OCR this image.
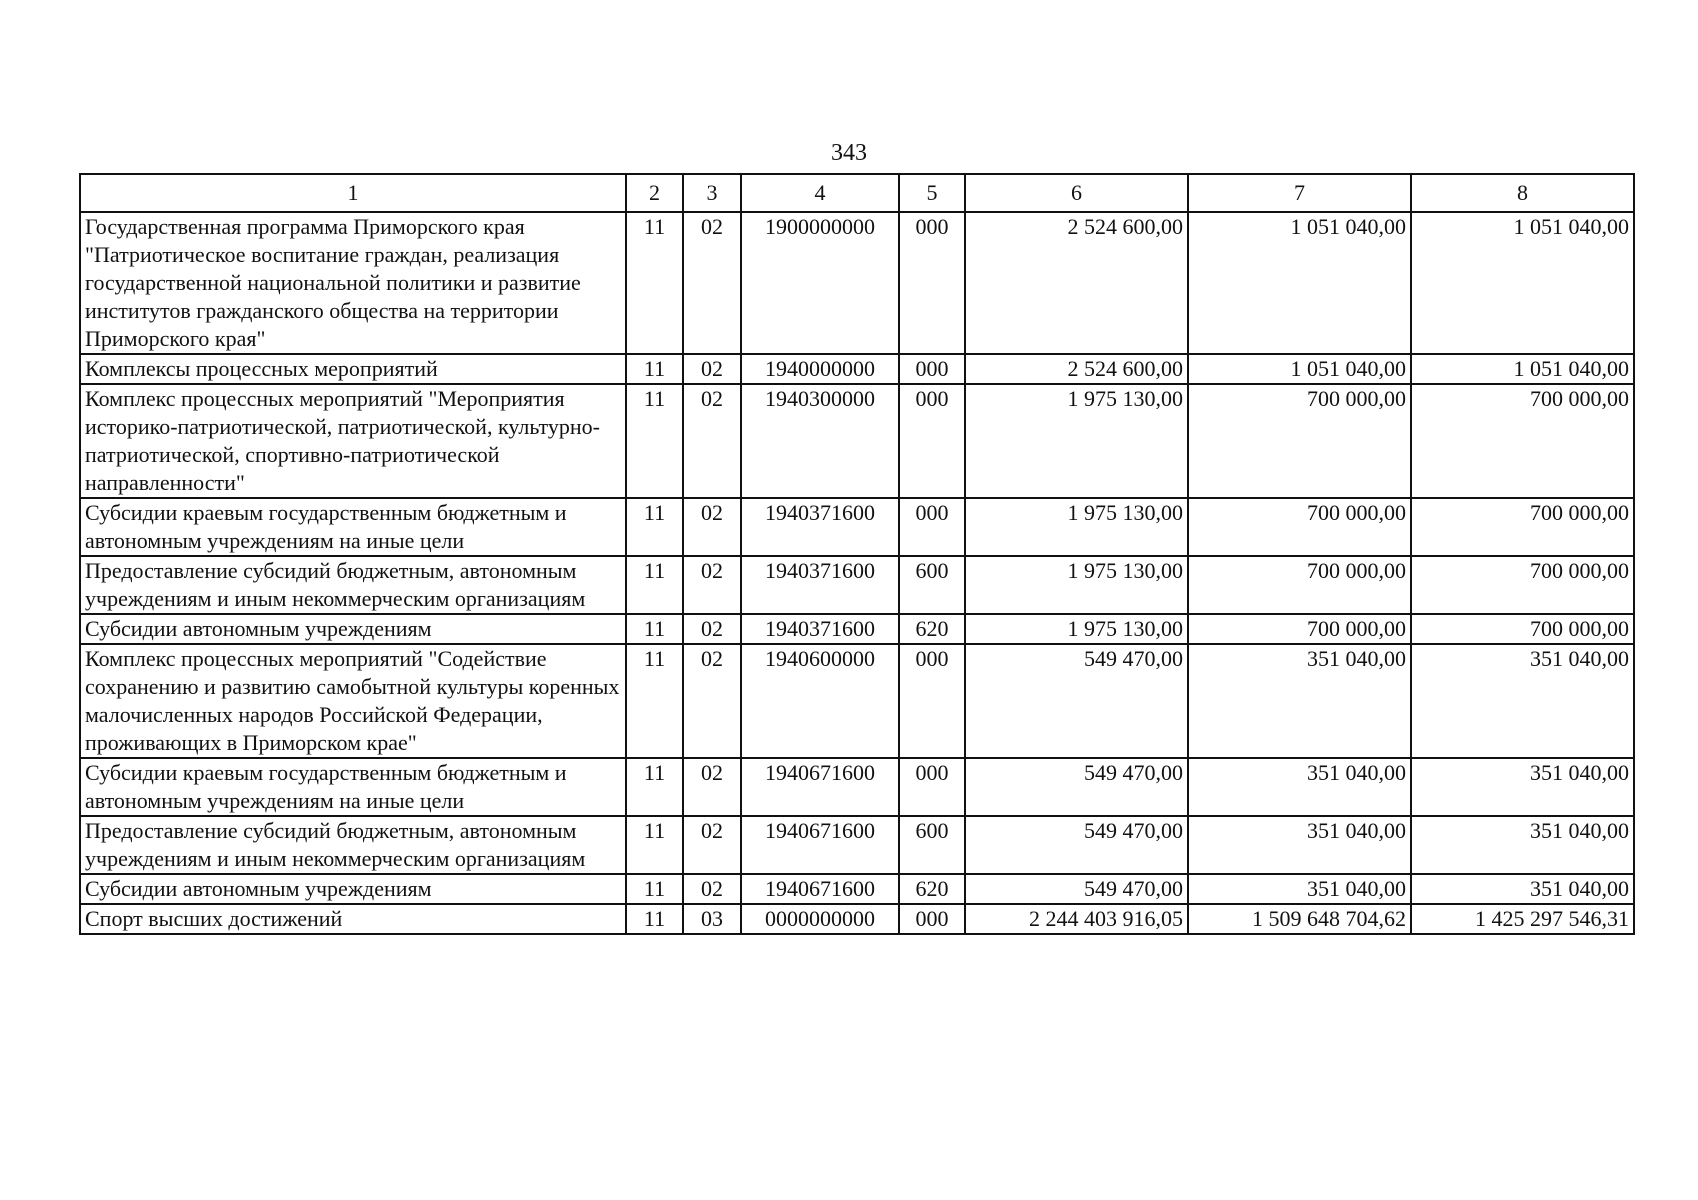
343
1	2	3	4	5	6	7	8
Государственная программа Приморского края "Патриотическое воспитание граждан, реализация государственной национальной политики и развитие институтов гражданского общества на территории Приморского края"	11	02	1900000000	000	2 524 600,00	1 051 040,00	1 051 040,00
Комплексы процессных мероприятий	11	02	1940000000	000	2 524 600,00	1 051 040,00	1 051 040,00
Комплекс процессных мероприятий "Мероприятия историко-патриотической, патриотической, культурно-патриотической, спортивно-патриотической направленности"	11	02	1940300000	000	1 975 130,00	700 000,00	700 000,00
Субсидии краевым государственным бюджетным и автономным учреждениям на иные цели	11	02	1940371600	000	1 975 130,00	700 000,00	700 000,00
Предоставление субсидий бюджетным, автономным учреждениям и иным некоммерческим организациям	11	02	1940371600	600	1 975 130,00	700 000,00	700 000,00
Субсидии автономным учреждениям	11	02	1940371600	620	1 975 130,00	700 000,00	700 000,00
Комплекс процессных мероприятий "Содействие сохранению и развитию самобытной культуры коренных малочисленных народов Российской Федерации, проживающих в Приморском крае"	11	02	1940600000	000	549 470,00	351 040,00	351 040,00
Субсидии краевым государственным бюджетным и автономным учреждениям на иные цели	11	02	1940671600	000	549 470,00	351 040,00	351 040,00
Предоставление субсидий бюджетным, автономным учреждениям и иным некоммерческим организациям	11	02	1940671600	600	549 470,00	351 040,00	351 040,00
Субсидии автономным учреждениям	11	02	1940671600	620	549 470,00	351 040,00	351 040,00
Спорт высших достижений	11	03	0000000000	000	2 244 403 916,05	1 509 648 704,62	1 425 297 546,31
